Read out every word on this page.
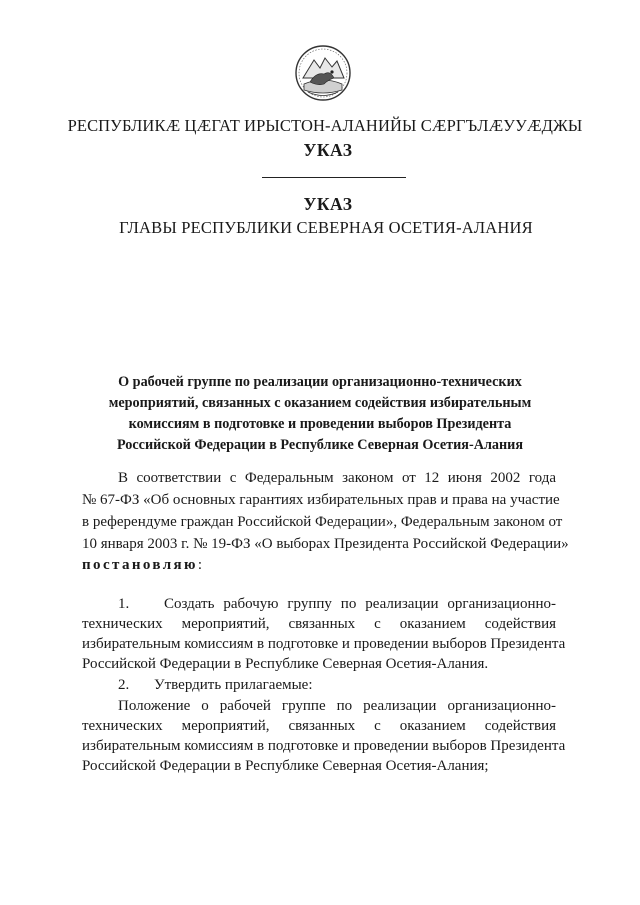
РЕСПУБЛИКÆ ЦÆГАТ ИРЫСТОН-АЛАНИЙЫ СÆРГЪЛÆУУÆДЖЫ
УКАЗ
УКАЗ
ГЛАВЫ РЕСПУБЛИКИ СЕВЕРНАЯ ОСЕТИЯ-АЛАНИЯ
О рабочей группе по реализации организационно-технических
мероприятий, связанных с оказанием содействия избирательным
комиссиям в подготовке и проведении выборов Президента
Российской Федерации в Республике Северная Осетия-Алания
В соответствии с Федеральным законом от 12 июня 2002 года
№ 67-ФЗ «Об основных гарантиях избирательных прав и права на участие
в референдуме граждан Российской Федерации», Федеральным законом от
10 января 2003 г. № 19-ФЗ «О выборах Президента Российской Федерации»
постановляю:
1.	Создать рабочую группу по реализации организационно-
технических мероприятий, связанных с оказанием содействия
избирательным комиссиям в подготовке и проведении выборов Президента
Российской Федерации в Республике Северная Осетия-Алания.
2. Утвердить прилагаемые:
Положение о рабочей группе по реализации организационно-
технических мероприятий, связанных с оказанием содействия
избирательным комиссиям в подготовке и проведении выборов Президента
Российской Федерации в Республике Северная Осетия-Алания;
